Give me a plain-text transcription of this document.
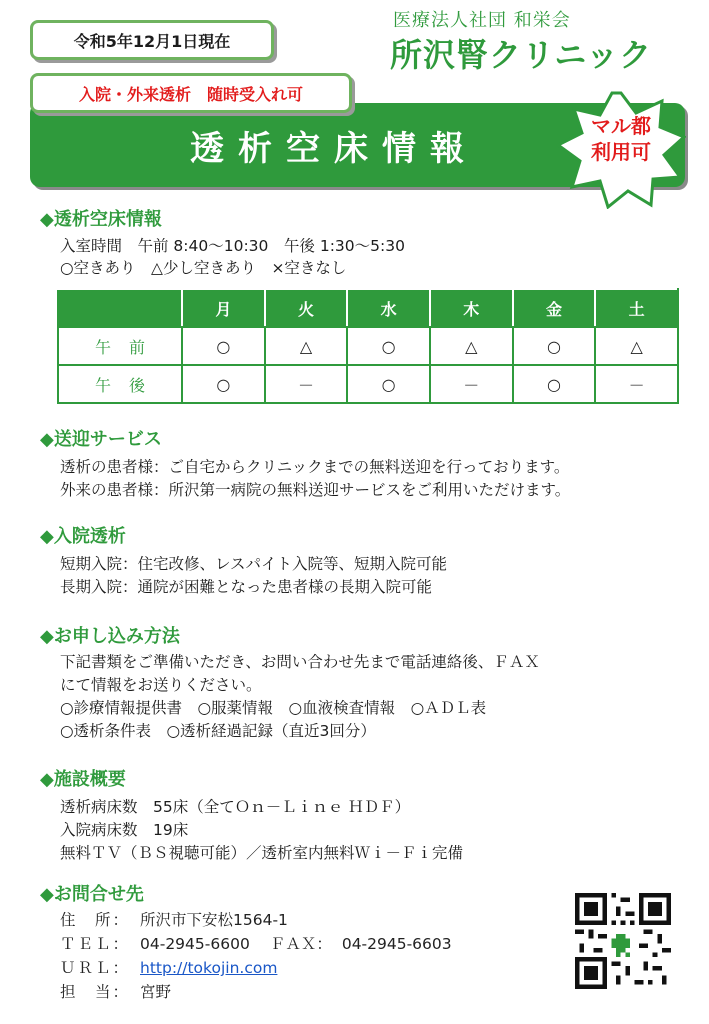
令和5年12月1日現在
医療法人社団 和栄会
所沢腎クリニック
透析空床情報
入院・外来透析　随時受入れ可
マル都
利用可
◆透析空床情報
入室時間　午前 8:40～10:30　午後 1:30～5:30
○空きあり　△少し空きあり　×空きなし
	月	火	水	木	金	土
午前	○	△	○	△	○	△
午後	○	－	○	－	○	－
◆送迎サービス
透析の患者様：ご自宅からクリニックまでの無料送迎を行っております。
外来の患者様：所沢第一病院の無料送迎サービスをご利用いただけます。
◆入院透析
短期入院：住宅改修、レスパイト入院等、短期入院可能
長期入院：通院が困難となった患者様の長期入院可能
◆お申し込み方法
下記書類をご準備いただき、お問い合わせ先まで電話連絡後、ＦＡＸ
にて情報をお送りください。
○診療情報提供書　○服薬情報　○血液検査情報　○ＡＤＬ表
○透析条件表　○透析経過記録（直近3回分）
◆施設概要
透析病床数　55床（全てＯｎ－Ｌｉｎｅ ＨＤＦ）
入院病床数　19床
無料ＴＶ（ＢＳ視聴可能）／透析室内無料Ｗｉ－Ｆｉ完備
◆お問合せ先
住　所： 所沢市下安松1564-1
ＴＥＬ： 04-2945-6600 ＦＡＸ： 04-2945-6603
ＵＲＬ： http://tokojin.com
担　当： 宮野
